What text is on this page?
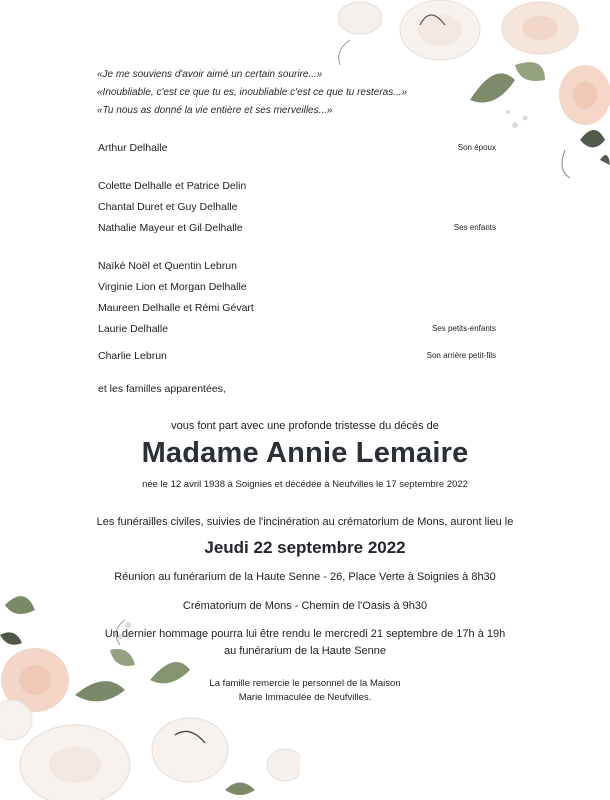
«Je me souviens d'avoir aimé un certain sourire...»
«Inoubliable, c'est ce que tu es, inoubliable c'est ce que tu resteras...»
«Tu nous as donné la vie entière et ses merveilles...»
Arthur Delhalle	Son époux
Colette Delhalle et Patrice Delin
Chantal Duret et Guy Delhalle
Nathalie Mayeur et Gil Delhalle	Ses enfants
Naïké Noël et Quentin Lebrun
Virginie Lion et Morgan Delhalle
Maureen Delhalle et Rémi Gévart
Laurie Delhalle	Ses petits-enfants
Charlie Lebrun	Son arrière petit-fils
et les familles apparentées,
vous font part avec une profonde tristesse du décès de
Madame Annie Lemaire
née le 12 avril 1938 à Soignies et décédée à Neufvilles le 17 septembre 2022
Les funérailles civiles, suivies de l'incinération au crématorium de Mons, auront lieu le
Jeudi 22 septembre 2022
Réunion au funérarium de la Haute Senne - 26, Place Verte à Soignies à 8h30
Crématorium de Mons - Chemin de l'Oasis à 9h30
Un dernier hommage pourra lui être rendu le mercredi 21 septembre de 17h à 19h
au funérarium de la Haute Senne
La famille remercie le personnel de la Maison
Marie Immaculée de Neufvilles.
